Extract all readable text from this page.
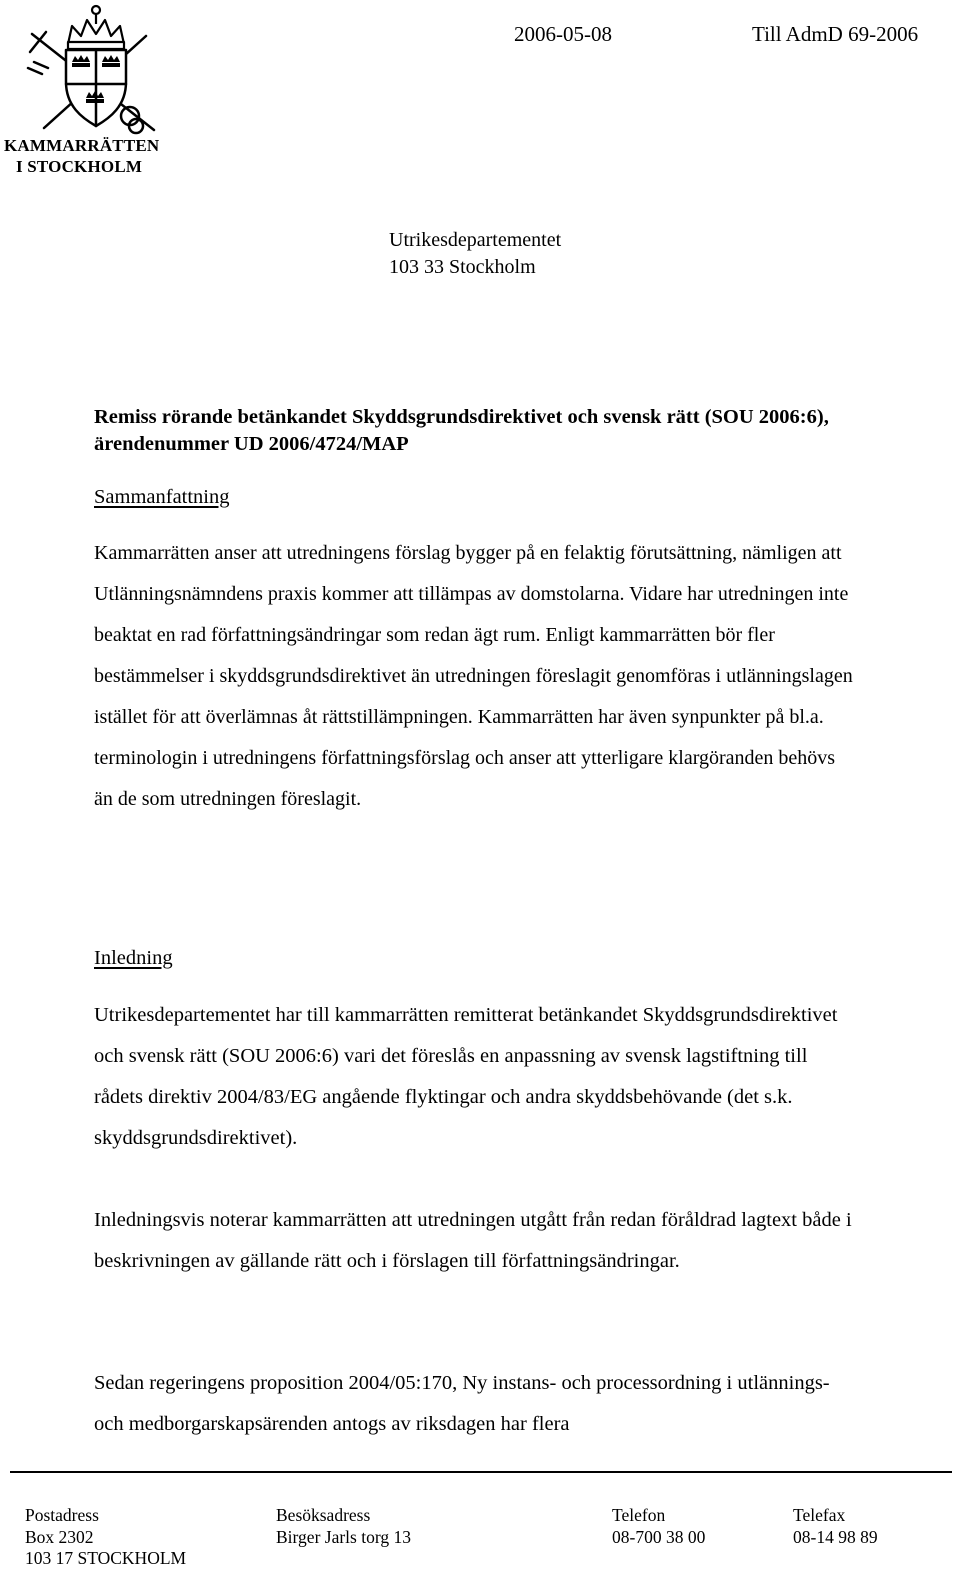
KAMMARRÄTTEN
I STOCKHOLM
2006-05-08	Till AdmD 69-2006
Utrikesdepartementet
103 33 Stockholm
Remiss rörande betänkandet Skyddsgrundsdirektivet och svensk rätt (SOU 2006:6), ärendenummer UD 2006/4724/MAP
Sammanfattning
Kammarrätten anser att utredningens förslag bygger på en felaktig förutsättning, nämligen att Utlänningsnämndens praxis kommer att tillämpas av domstolarna. Vidare har utredningen inte beaktat en rad författningsändringar som redan ägt rum. Enligt kammarrätten bör fler bestämmelser i skyddsgrundsdirektivet än utredningen föreslagit genomföras i utlänningslagen istället för att överlämnas åt rättstillämpningen. Kammarrätten har även synpunkter på bl.a. terminologin i utredningens författningsförslag och anser att ytterligare klargöranden behövs än de som utredningen föreslagit.
Inledning
Utrikesdepartementet har till kammarrätten remitterat betänkandet Skyddsgrundsdirektivet och svensk rätt (SOU 2006:6) vari det föreslås en anpassning av svensk lagstiftning till rådets direktiv 2004/83/EG angående flyktingar och andra skyddsbehövande (det s.k. skyddsgrundsdirektivet).
Inledningsvis noterar kammarrätten att utredningen utgått från redan föråldrad lagtext både i beskrivningen av gällande rätt och i förslagen till författningsändringar.
Sedan regeringens proposition 2004/05:170, Ny instans- och processordning i utlännings- och medborgarskapsärenden antogs av riksdagen har flera
Postadress
Box 2302
103 17 STOCKHOLM
Besöksadress
Birger Jarls torg 13
Telefon
08-700 38 00
Telefax
08-14 98 89
